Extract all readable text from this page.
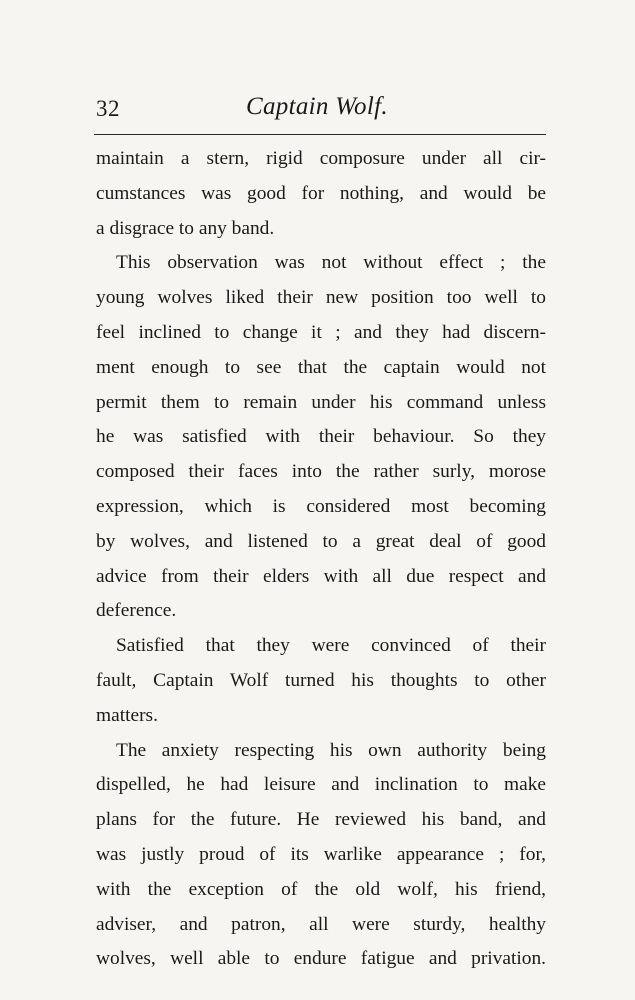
32	Captain Wolf.
maintain a stern, rigid composure under all cir-
cumstances was good for nothing, and would be
a disgrace to any band.
This observation was not without effect ; the
young wolves liked their new position too well to
feel inclined to change it ; and they had discern-
ment enough to see that the captain would not
permit them to remain under his command unless
he was satisfied with their behaviour. So they
composed their faces into the rather surly, morose
expression, which is considered most becoming
by wolves, and listened to a great deal of good
advice from their elders with all due respect and
deference.
Satisfied that they were convinced of their
fault, Captain Wolf turned his thoughts to other
matters.
The anxiety respecting his own authority being
dispelled, he had leisure and inclination to make
plans for the future. He reviewed his band, and
was justly proud of its warlike appearance ; for,
with the exception of the old wolf, his friend,
adviser, and patron, all were sturdy, healthy
wolves, well able to endure fatigue and privation.
